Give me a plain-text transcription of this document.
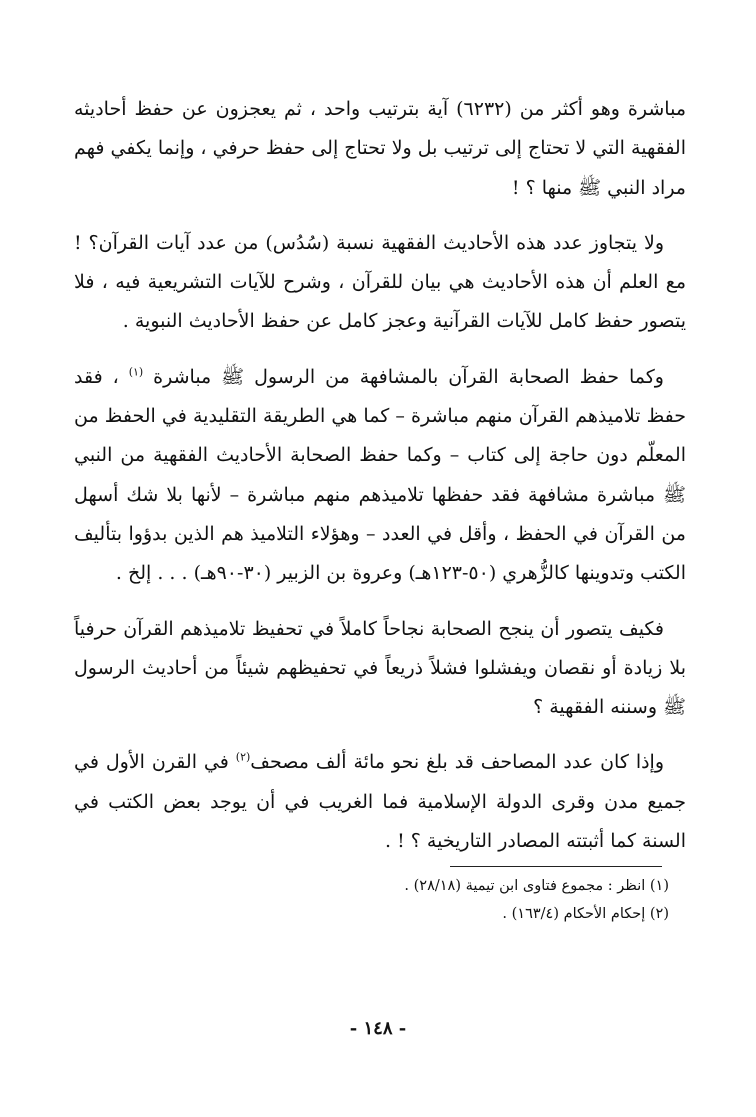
مباشرة وهو أكثر من (٦٢٣٢) آية بترتيب واحد ، ثم يعجزون عن حفظ أحاديثه الفقهية التي لا تحتاج إلى ترتيب بل ولا تحتاج إلى حفظ حرفي ، وإنما يكفي فهم مراد النبي ﷺ منها ؟ !

ولا يتجاوز عدد هذه الأحاديث الفقهية نسبة (سُدُس) من عدد آيات القرآن؟ ! مع العلم أن هذه الأحاديث هي بيان للقرآن ، وشرح للآيات التشريعية فيه ، فلا يتصور حفظ كامل للآيات القرآنية وعجز كامل عن حفظ الأحاديث النبوية .

وكما حفظ الصحابة القرآن بالمشافهة من الرسول ﷺ مباشرة $^{(١)}$ ، فقد حفظ تلاميذهم القرآن منهم مباشرة – كما هي الطريقة التقليدية في الحفظ من المعلّم دون حاجة إلى كتاب – وكما حفظ الصحابة الأحاديث الفقهية من النبي ﷺ مباشرة مشافهة فقد حفظها تلاميذهم منهم مباشرة – لأنها بلا شك أسهل من القرآن في الحفظ ، وأقل في العدد – وهؤلاء التلاميذ هم الذين بدؤوا بتأليف الكتب وتدوينها كالزُّهري (٥٠-١٢٣هـ) وعروة بن الزبير (٣٠-٩٠هـ) . . . إلخ .

فكيف يتصور أن ينجح الصحابة نجاحاً كاملاً في تحفيظ تلاميذهم القرآن حرفياً بلا زيادة أو نقصان ويفشلوا فشلاً ذريعاً في تحفيظهم شيئاً من أحاديث الرسول ﷺ وسننه الفقهية ؟

وإذا كان عدد المصاحف قد بلغ نحو مائة ألف مصحف$^{(٢)}$ في القرن الأول في جميع مدن وقرى الدولة الإسلامية فما الغريب في أن يوجد بعض الكتب في السنة كما أثبتته المصادر التاريخية ؟ ! .

(١) انظر : مجموع فتاوى ابن تيمية (٢٨/١٨) .

(٢) إحكام الأحكام (١٦٣/٤) .

- ١٤٨ -
